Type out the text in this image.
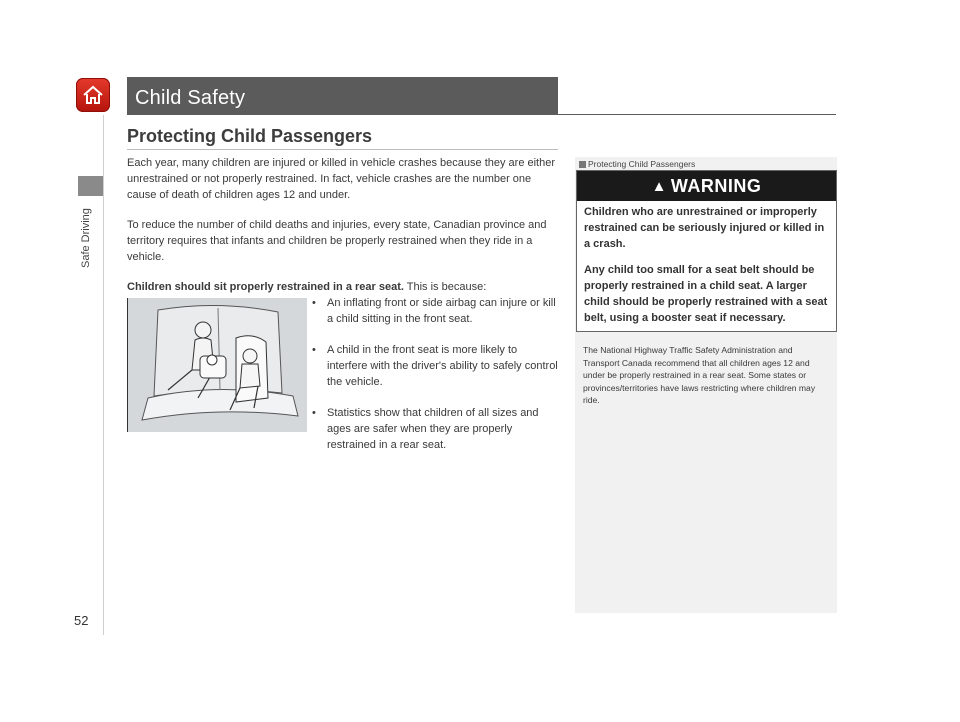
Safe Driving
Child Safety
Protecting Child Passengers
Each year, many children are injured or killed in vehicle crashes because they are either unrestrained or not properly restrained. In fact, vehicle crashes are the number one cause of death of children ages 12 and under.
To reduce the number of child deaths and injuries, every state, Canadian province and territory requires that infants and children be properly restrained when they ride in a vehicle.
Children should sit properly restrained in a rear seat. This is because:
• An inflating front or side airbag can injure or kill a child sitting in the front seat.
• A child in the front seat is more likely to interfere with the driver's ability to safely control the vehicle.
• Statistics show that children of all sizes and ages are safer when they are properly restrained in a rear seat.
Protecting Child Passengers
▲ WARNING
Children who are unrestrained or improperly restrained can be seriously injured or killed in a crash.
Any child too small for a seat belt should be properly restrained in a child seat. A larger child should be properly restrained with a seat belt, using a booster seat if necessary.
The National Highway Traffic Safety Administration and Transport Canada recommend that all children ages 12 and under be properly restrained in a rear seat. Some states or provinces/territories have laws restricting where children may ride.
52
